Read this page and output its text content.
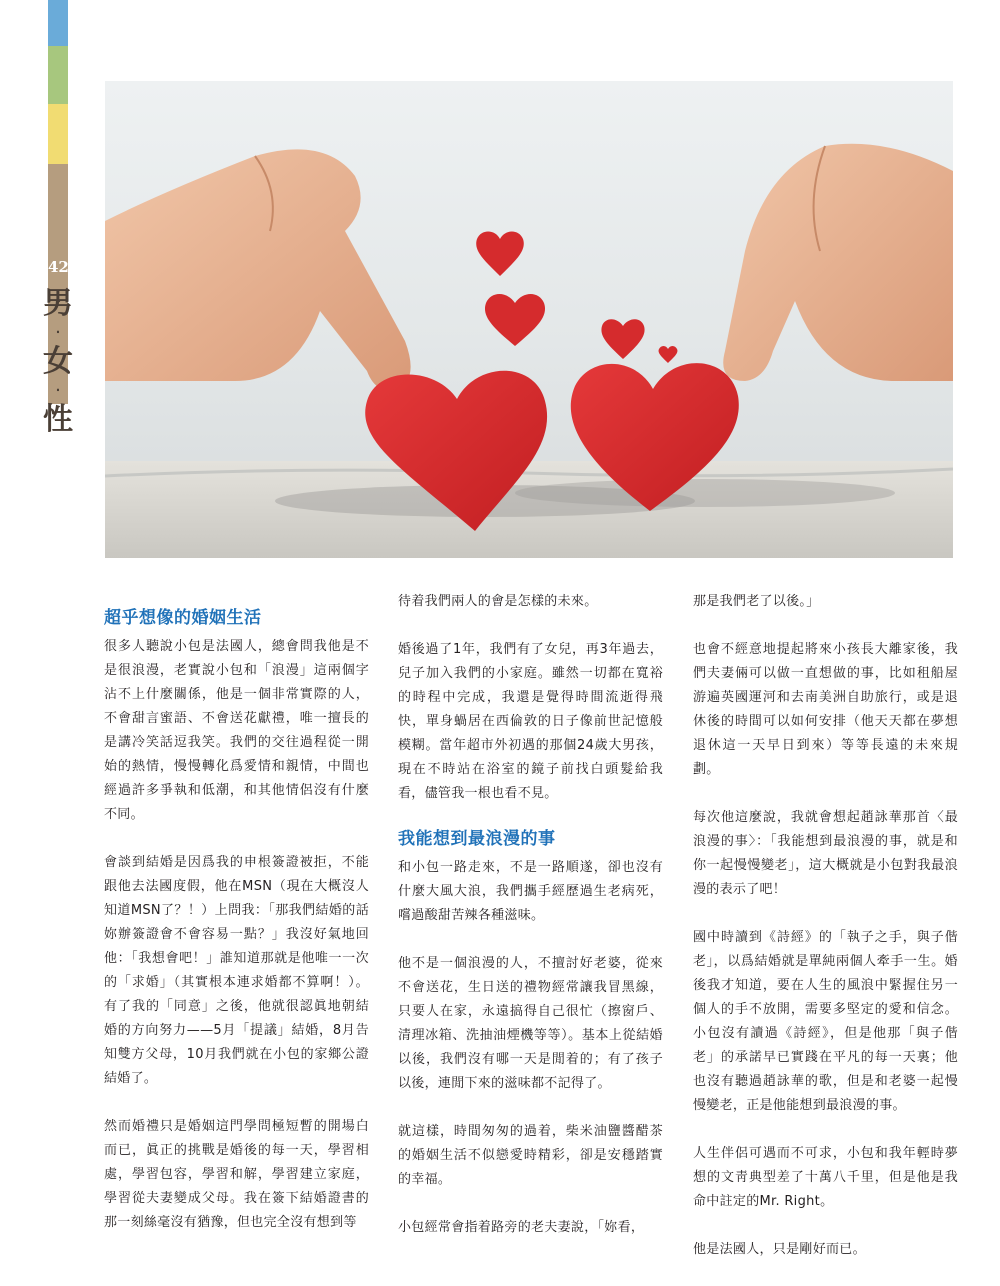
42
男
‧
女
‧
性
超乎想像的婚姻生活

很多人聽說小包是法國人，總會問我他是不是很浪漫，老實說小包和「浪漫」這兩個字沾不上什麼關係，他是一個非常實際的人，不會甜言蜜語、不會送花獻禮，唯一擅長的是講冷笑話逗我笑。我們的交往過程從一開始的熱情，慢慢轉化爲愛情和親情，中間也經過許多爭執和低潮，和其他情侶沒有什麼不同。

會談到結婚是因爲我的申根簽證被拒，不能跟他去法國度假，他在MSN（現在大概沒人知道MSN了？！）上問我：「那我們結婚的話妳辦簽證會不會容易一點？」我沒好氣地回他：「我想會吧！」誰知道那就是他唯一一次的「求婚」（其實根本連求婚都不算啊！）。有了我的「同意」之後，他就很認眞地朝結婚的方向努力——5月「提議」結婚，8月告知雙方父母，10月我們就在小包的家鄉公證結婚了。

然而婚禮只是婚姻這門學問極短暫的開場白而已，眞正的挑戰是婚後的每一天，學習相處，學習包容，學習和解，學習建立家庭，學習從夫妻變成父母。我在簽下結婚證書的那一刻絲毫沒有猶豫，但也完全沒有想到等

待着我們兩人的會是怎樣的未來。

婚後過了1年，我們有了女兒，再3年過去，兒子加入我們的小家庭。雖然一切都在寬裕的時程中完成，我還是覺得時間流逝得飛快，單身蝸居在西倫敦的日子像前世記憶般模糊。當年超市外初遇的那個24歲大男孩，現在不時站在浴室的鏡子前找白頭髮給我看，儘管我一根也看不見。

我能想到最浪漫的事

和小包一路走來，不是一路順遂，卻也沒有什麼大風大浪，我們攜手經歷過生老病死，嚐過酸甜苦辣各種滋味。

他不是一個浪漫的人，不擅討好老婆，從來不會送花，生日送的禮物經常讓我冒黑線，只要人在家，永遠搞得自己很忙（擦窗戶、清理冰箱、洗抽油煙機等等）。基本上從結婚以後，我們沒有哪一天是閒着的；有了孩子以後，連閒下來的滋味都不記得了。

就這樣，時間匆匆的過着，柴米油鹽醬醋茶的婚姻生活不似戀愛時精彩，卻是安穩踏實的幸福。

小包經常會指着路旁的老夫妻說，「妳看，

那是我們老了以後。」

也會不經意地提起將來小孩長大離家後，我們夫妻倆可以做一直想做的事，比如租船屋游遍英國運河和去南美洲自助旅行，或是退休後的時間可以如何安排（他天天都在夢想退休這一天早日到來）等等長遠的未來規劃。

每次他這麼說，我就會想起趙詠華那首〈最浪漫的事〉：「我能想到最浪漫的事，就是和你一起慢慢變老」，這大概就是小包對我最浪漫的表示了吧！

國中時讀到《詩經》的「執子之手，與子偕老」，以爲結婚就是單純兩個人牽手一生。婚後我才知道，要在人生的風浪中緊握住另一個人的手不放開，需要多堅定的愛和信念。小包沒有讀過《詩經》，但是他那「與子偕老」的承諾早已實踐在平凡的每一天裏；他也沒有聽過趙詠華的歌，但是和老婆一起慢慢變老，正是他能想到最浪漫的事。

人生伴侶可遇而不可求，小包和我年輕時夢想的文靑典型差了十萬八千里，但是他是我命中註定的Mr. Right。

他是法國人，只是剛好而已。
